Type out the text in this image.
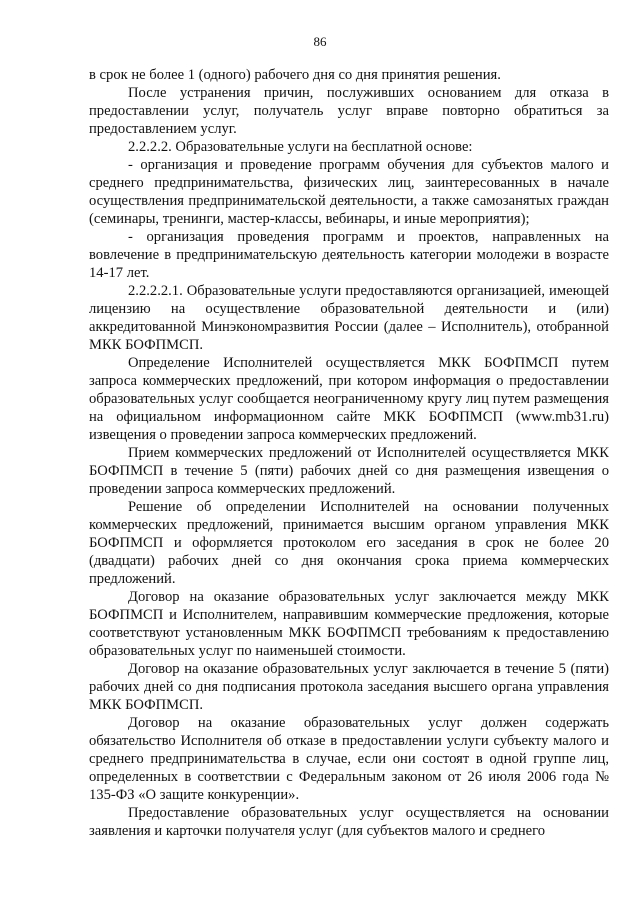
86

в срок не более 1 (одного) рабочего дня со дня принятия решения.

После устранения причин, послуживших основанием для отказа в предоставлении услуг, получатель услуг вправе повторно обратиться за предоставлением услуг.

2.2.2.2. Образовательные услуги на бесплатной основе:

- организация и проведение программ обучения для субъектов малого и среднего предпринимательства, физических лиц, заинтересованных в начале осуществления предпринимательской деятельности, а также самозанятых граждан (семинары, тренинги, мастер-классы, вебинары, и иные мероприятия);

- организация проведения программ и проектов, направленных на вовлечение в предпринимательскую деятельность категории молодежи в возрасте 14-17 лет.

2.2.2.2.1. Образовательные услуги предоставляются организацией, имеющей лицензию на осуществление образовательной деятельности и (или) аккредитованной Минэкономразвития России (далее – Исполнитель), отобранной МКК БОФПМСП.

Определение Исполнителей осуществляется МКК БОФПМСП путем запроса коммерческих предложений, при котором информация о предоставлении образовательных услуг сообщается неограниченному кругу лиц путем размещения на официальном информационном сайте МКК БОФПМСП (www.mb31.ru) извещения о проведении запроса коммерческих предложений.

Прием коммерческих предложений от Исполнителей осуществляется МКК БОФПМСП в течение 5 (пяти) рабочих дней со дня размещения извещения о проведении запроса коммерческих предложений.

Решение об определении Исполнителей на основании полученных коммерческих предложений, принимается высшим органом управления МКК БОФПМСП и оформляется протоколом его заседания в срок не более 20 (двадцати) рабочих дней со дня окончания срока приема коммерческих предложений.

Договор на оказание образовательных услуг заключается между МКК БОФПМСП и Исполнителем, направившим коммерческие предложения, которые соответствуют установленным МКК БОФПМСП требованиям к предоставлению образовательных услуг по наименьшей стоимости.

Договор на оказание образовательных услуг заключается в течение 5 (пяти) рабочих дней со дня подписания протокола заседания высшего органа управления МКК БОФПМСП.

Договор на оказание образовательных услуг должен содержать обязательство Исполнителя об отказе в предоставлении услуги субъекту малого и среднего предпринимательства в случае, если они состоят в одной группе лиц, определенных в соответствии с Федеральным законом от 26 июля 2006 года № 135-ФЗ «О защите конкуренции».

Предоставление образовательных услуг осуществляется на основании заявления и карточки получателя услуг (для субъектов малого и среднего
